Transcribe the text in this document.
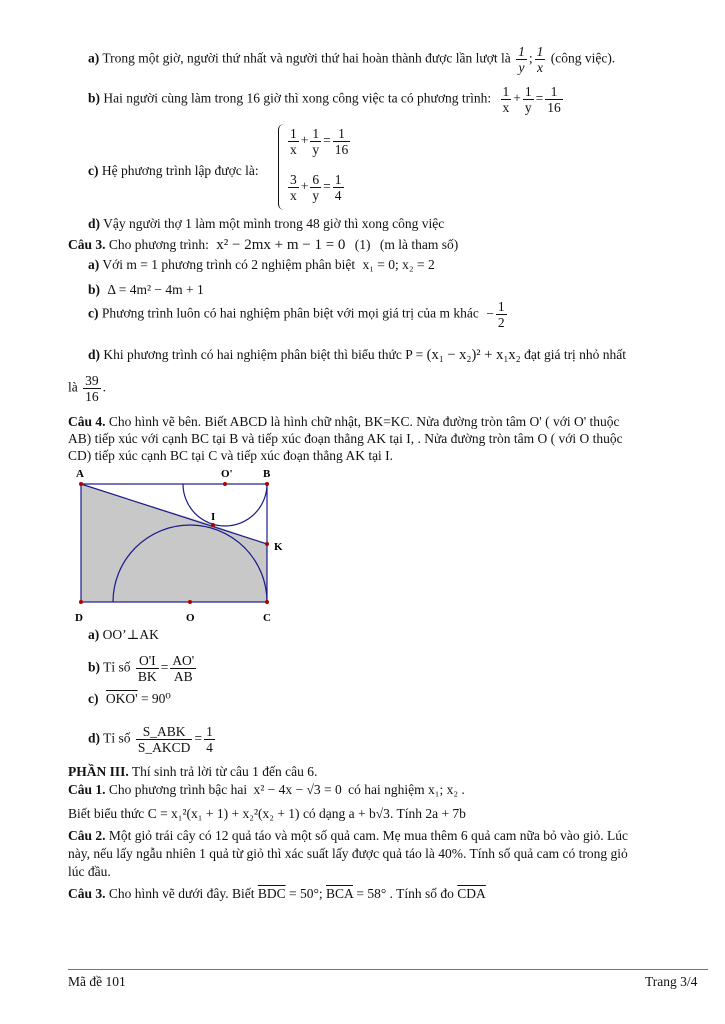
a) Trong một giờ, người thứ nhất và người thứ hai hoàn thành được lần lượt là $\frac{1}{y}$ ; $\frac{1}{x}$ (công việc).
b) Hai người cùng làm trong 16 giờ thì xong công việc ta có phương trình: $\frac{1}{x} + \frac{1}{y} = \frac{1}{16}$
c) Hệ phương trình lập được là:
$\frac{1}{x} + \frac{1}{y} = \frac{1}{16}$
$\frac{3}{x} + \frac{6}{y} = \frac{1}{4}$
d) Vậy người thợ 1 làm một mình trong 48 giờ thì xong công việc
Câu 3. Cho phương trình: x² − 2mx + m − 1 = 0 (1) (m là tham số)
a) Với m = 1 phương trình có 2 nghiệm phân biệt x₁ = 0; x₂ = 2
b) Δ = 4m² − 4m + 1
c) Phương trình luôn có hai nghiệm phân biệt với mọi giá trị của m khác − $\frac{1}{2}$
d) Khi phương trình có hai nghiệm phân biệt thì biểu thức P = (x₁ − x₂)² + x₁x₂ đạt giá trị nhỏ nhất
là $\frac{39}{16}$ .
Câu 4. Cho hình vẽ bên. Biết ABCD là hình chữ nhật, BK=KC. Nửa đường tròn tâm O' ( với O' thuộc
AB) tiếp xúc với cạnh BC tại B và tiếp xúc đoạn thẳng AK tại I, . Nửa đường tròn tâm O ( với O thuộc
CD) tiếp xúc cạnh BC tại C và tiếp xúc đoạn thẳng AK tại I.
A	O'	B
I
K
D	O	C
a) OO’⊥AK
b) Tỉ số $\frac{O'I}{BK} = \frac{AO'}{AB}$
c) OKO' = 90⁰
d) Tỉ số $\frac{\text{S\_ABK}}{\text{S\_AKCD}} = \frac{1}{4}$
PHẦN III. Thí sinh trả lời từ câu 1 đến câu 6.
Câu 1. Cho phương trình bậc hai x² − 4x − √3 = 0 có hai nghiệm x₁; x₂ .
Biết biểu thức C = x₁²(x₁ + 1) + x₂²(x₂ + 1) có dạng a + b√3. Tính 2a + 7b
Câu 2. Một giỏ trái cây có 12 quả táo và một số quả cam. Mẹ mua thêm 6 quả cam nữa bỏ vào giỏ. Lúc
này, nếu lấy ngẫu nhiên 1 quả từ giỏ thì xác suất lấy được quả táo là 40%. Tính số quả cam có trong giỏ
lúc đầu.
Câu 3. Cho hình vẽ dưới đây. Biết $\overline{BDC} = 50^\circ$; $\overline{BCA} = 58^\circ$ . Tính số đo $\overline{CDA}$
Mã đề 101	Trang 3/4
